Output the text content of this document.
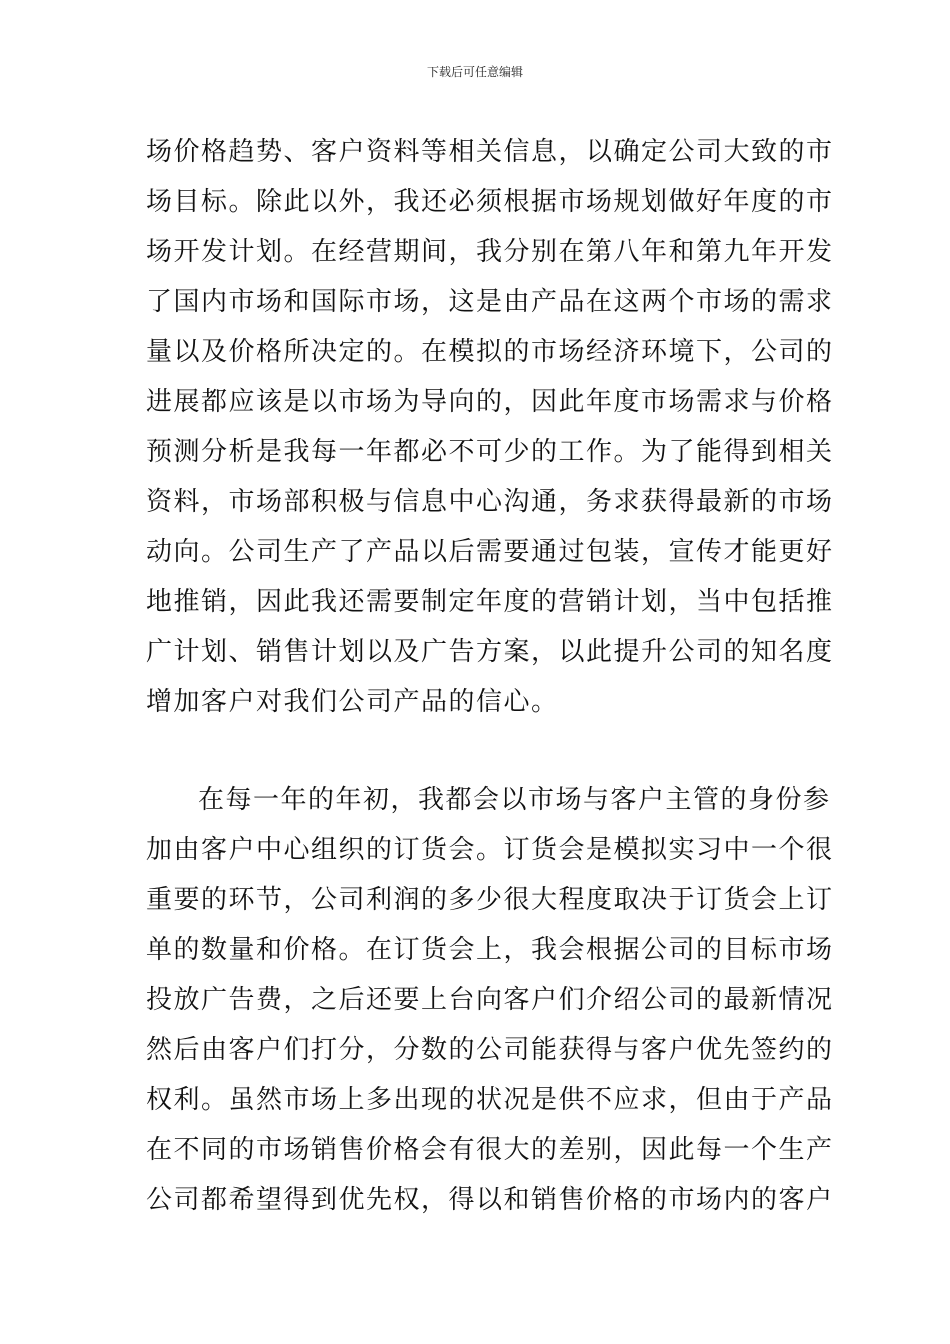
下载后可任意编辑
场价格趋势、客户资料等相关信息，以确定公司大致的市
场目标。除此以外，我还必须根据市场规划做好年度的市
场开发计划。在经营期间，我分别在第八年和第九年开发
了国内市场和国际市场，这是由产品在这两个市场的需求
量以及价格所决定的。在模拟的市场经济环境下，公司的
进展都应该是以市场为导向的，因此年度市场需求与价格
预测分析是我每一年都必不可少的工作。为了能得到相关
资料，市场部积极与信息中心沟通，务求获得最新的市场
动向。公司生产了产品以后需要通过包装，宣传才能更好
地推销，因此我还需要制定年度的营销计划，当中包括推
广计划、销售计划以及广告方案，以此提升公司的知名度
增加客户对我们公司产品的信心。
在每一年的年初，我都会以市场与客户主管的身份参
加由客户中心组织的订货会。订货会是模拟实习中一个很
重要的环节，公司利润的多少很大程度取决于订货会上订
单的数量和价格。在订货会上，我会根据公司的目标市场
投放广告费，之后还要上台向客户们介绍公司的最新情况
然后由客户们打分，分数的公司能获得与客户优先签约的
权利。虽然市场上多出现的状况是供不应求，但由于产品
在不同的市场销售价格会有很大的差别，因此每一个生产
公司都希望得到优先权，得以和销售价格的市场内的客户
